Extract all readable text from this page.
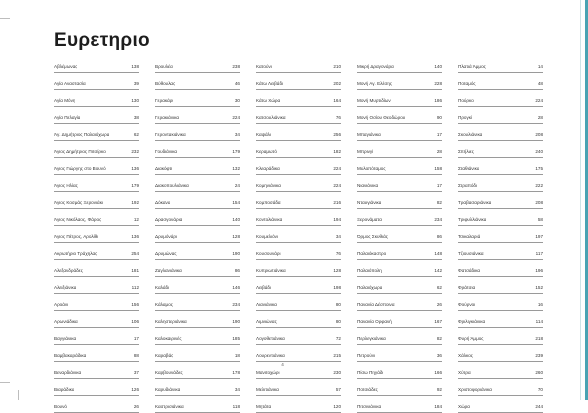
Ευρετηριο
Αβλέμωνας	138
Αγία Αναστασία	39
Αγία Μόνη	130
Αγία Πελαγία	38
Άγ. Δημήτριος Παλαιόχωρα	62
Άγιος Δημήτριος Πιτσίρκο	232
Άγιος Γιώργης στο Βουνό	136
Άγιος Ηλίας	179
Άγιος Κοσμάς Ξερονιάκι	192
Άγιος Νικόλαος, Φάρος	12
Άγιος Πέτρος, Αρολίθι	136
Ακρωτήριο Τράχηλας	254
Αλεξανδράδες	181
Αλειξιάνικα	112
Αροάνι	156
Αρωνιάδικα	106
Βαγγιάνικα	17
Βαμβακαράδικα	88
Βεναρδιάνικα	37
Βιαράδικα	126
Βουνό	26
Βρουλέα	238
Βύθουλας	46
Γερακάρι	30
Γερακιάνικα	224
Γεροντακιάνικα	34
Γουδιάνικα	179
Διακόφτι	132
Διακοπουλιάνικα	24
Δόκανα	154
Δρασγονάρια	140
Δρυμόνάρι	128
Δρυμώνας	190
Ζαγλανιάνικα	86
Καλάδι	146
Κάλαμος	234
Καληστεριάνικα	190
Καλοκαιρινές	185
Καραβάς	18
Καρβουνάδες	178
Καρυδιάνικα	34
Καστρισιάνικα	118
Κατούνι	210
Κάτω Λειβάδι	202
Κάτω Χώρα	164
Κατσουλιάνικα	76
Καψάλι	256
Κεραμωτό	182
Κλεαράδικα	224
Κομηνιάνικα	224
Κομποσάδα	216
Κοντολιάνικα	194
Κουμελιόνι	34
Κουσουνάρι	76
Κυπριωτιάνικα	128
Λειβάδι	198
Λιανιάνικα	80
Λιμνιώνας	80
Λογοθετιάνικα	72
Λουρεντιάνικα	215
Μανιτοχώρι	230
Μελιτιάνικα	57
Μητάτα	120
Μικρή Δραγονάρα	140
Μονή Αγ. Ελέσης	228
Μονή Μυρτιδίων	186
Μονή Οσίου Θεοδώρου	90
Μπαγιάνικα	17
Μπρινγί	28
Μυλοπόταμος	158
Νιανιάνικα	17
Νταυγιάνικα	82
Ξερονάματα	234
Όρμος Σκυθιάς	86
Παλαιόκαστρο	148
Παλαιόπολη	142
Παλαιόχωρα	62
Πανανία Δέσποινα	26
Πανανία Ορφανή	167
Περλεγκιάνικα	82
Πετρούνι	36
Πίσω Πηγάδι	166
Ποτσιάδες	92
Πιτσινιάνικα	184
Πλατιά Άμμος	14
Ποταμός	48
Πούρκο	224
Προγκί	28
Σκουλιάνικα	208
Σπήλιες	240
Σταθιάνικα	175
Στραπόδι	222
Τραβασαριάνικα	208
Τριφυλλιάνικα	58
Τσικαλαριά	197
Τζιουσιάνικα	117
Φατσάδικα	196
Φράτσια	152
Φούρνοι	16
Φριλιγκιάνικα	114
Φυρή Άμμος	218
Χάλκος	239
Χύτρα	260
Χριστοφοριάνικα	70
Χώρα	244
4
